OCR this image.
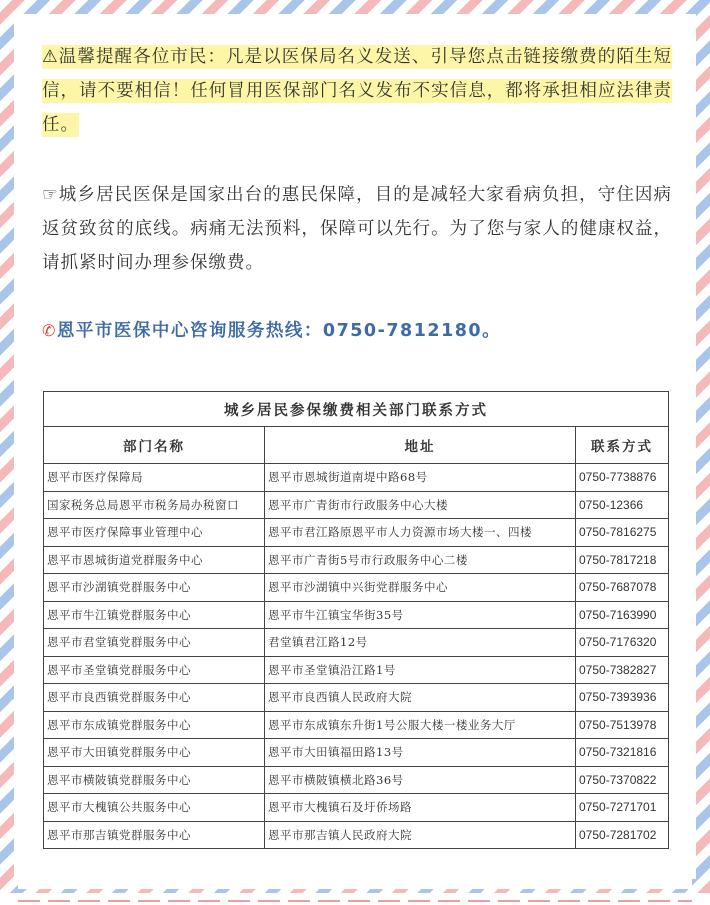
⚠温馨提醒各位市民：凡是以医保局名义发送、引导您点击链接缴费的陌生短信，请不要相信！任何冒用医保部门名义发布不实信息，都将承担相应法律责任。

☞城乡居民医保是国家出台的惠民保障，目的是减轻大家看病负担，守住因病返贫致贫的底线。病痛无法预料，保障可以先行。为了您与家人的健康权益，请抓紧时间办理参保缴费。

✆恩平市医保中心咨询服务热线：0750-7812180。

城乡居民参保缴费相关部门联系方式		
部门名称	地址	联系方式
恩平市医疗保障局	恩平市恩城街道南堤中路68号	0750-7738876
国家税务总局恩平市税务局办税窗口	恩平市广青街市行政服务中心大楼	0750-12366
恩平市医疗保障事业管理中心	恩平市君江路原恩平市人力资源市场大楼一、四楼	0750-7816275
恩平市恩城街道党群服务中心	恩平市广青街5号市行政服务中心二楼	0750-7817218
恩平市沙湖镇党群服务中心	恩平市沙湖镇中兴街党群服务中心	0750-7687078
恩平市牛江镇党群服务中心	恩平市牛江镇宝华街35号	0750-7163990
恩平市君堂镇党群服务中心	君堂镇君江路12号	0750-7176320
恩平市圣堂镇党群服务中心	恩平市圣堂镇沿江路1号	0750-7382827
恩平市良西镇党群服务中心	恩平市良西镇人民政府大院	0750-7393936
恩平市东成镇党群服务中心	恩平市东成镇东升街1号公服大楼一楼业务大厅	0750-7513978
恩平市大田镇党群服务中心	恩平市大田镇福田路13号	0750-7321816
恩平市横陂镇党群服务中心	恩平市横陂镇横北路36号	0750-7370822
恩平市大槐镇公共服务中心	恩平市大槐镇石及圩侨场路	0750-7271701
恩平市那吉镇党群服务中心	恩平市那吉镇人民政府大院	0750-7281702
